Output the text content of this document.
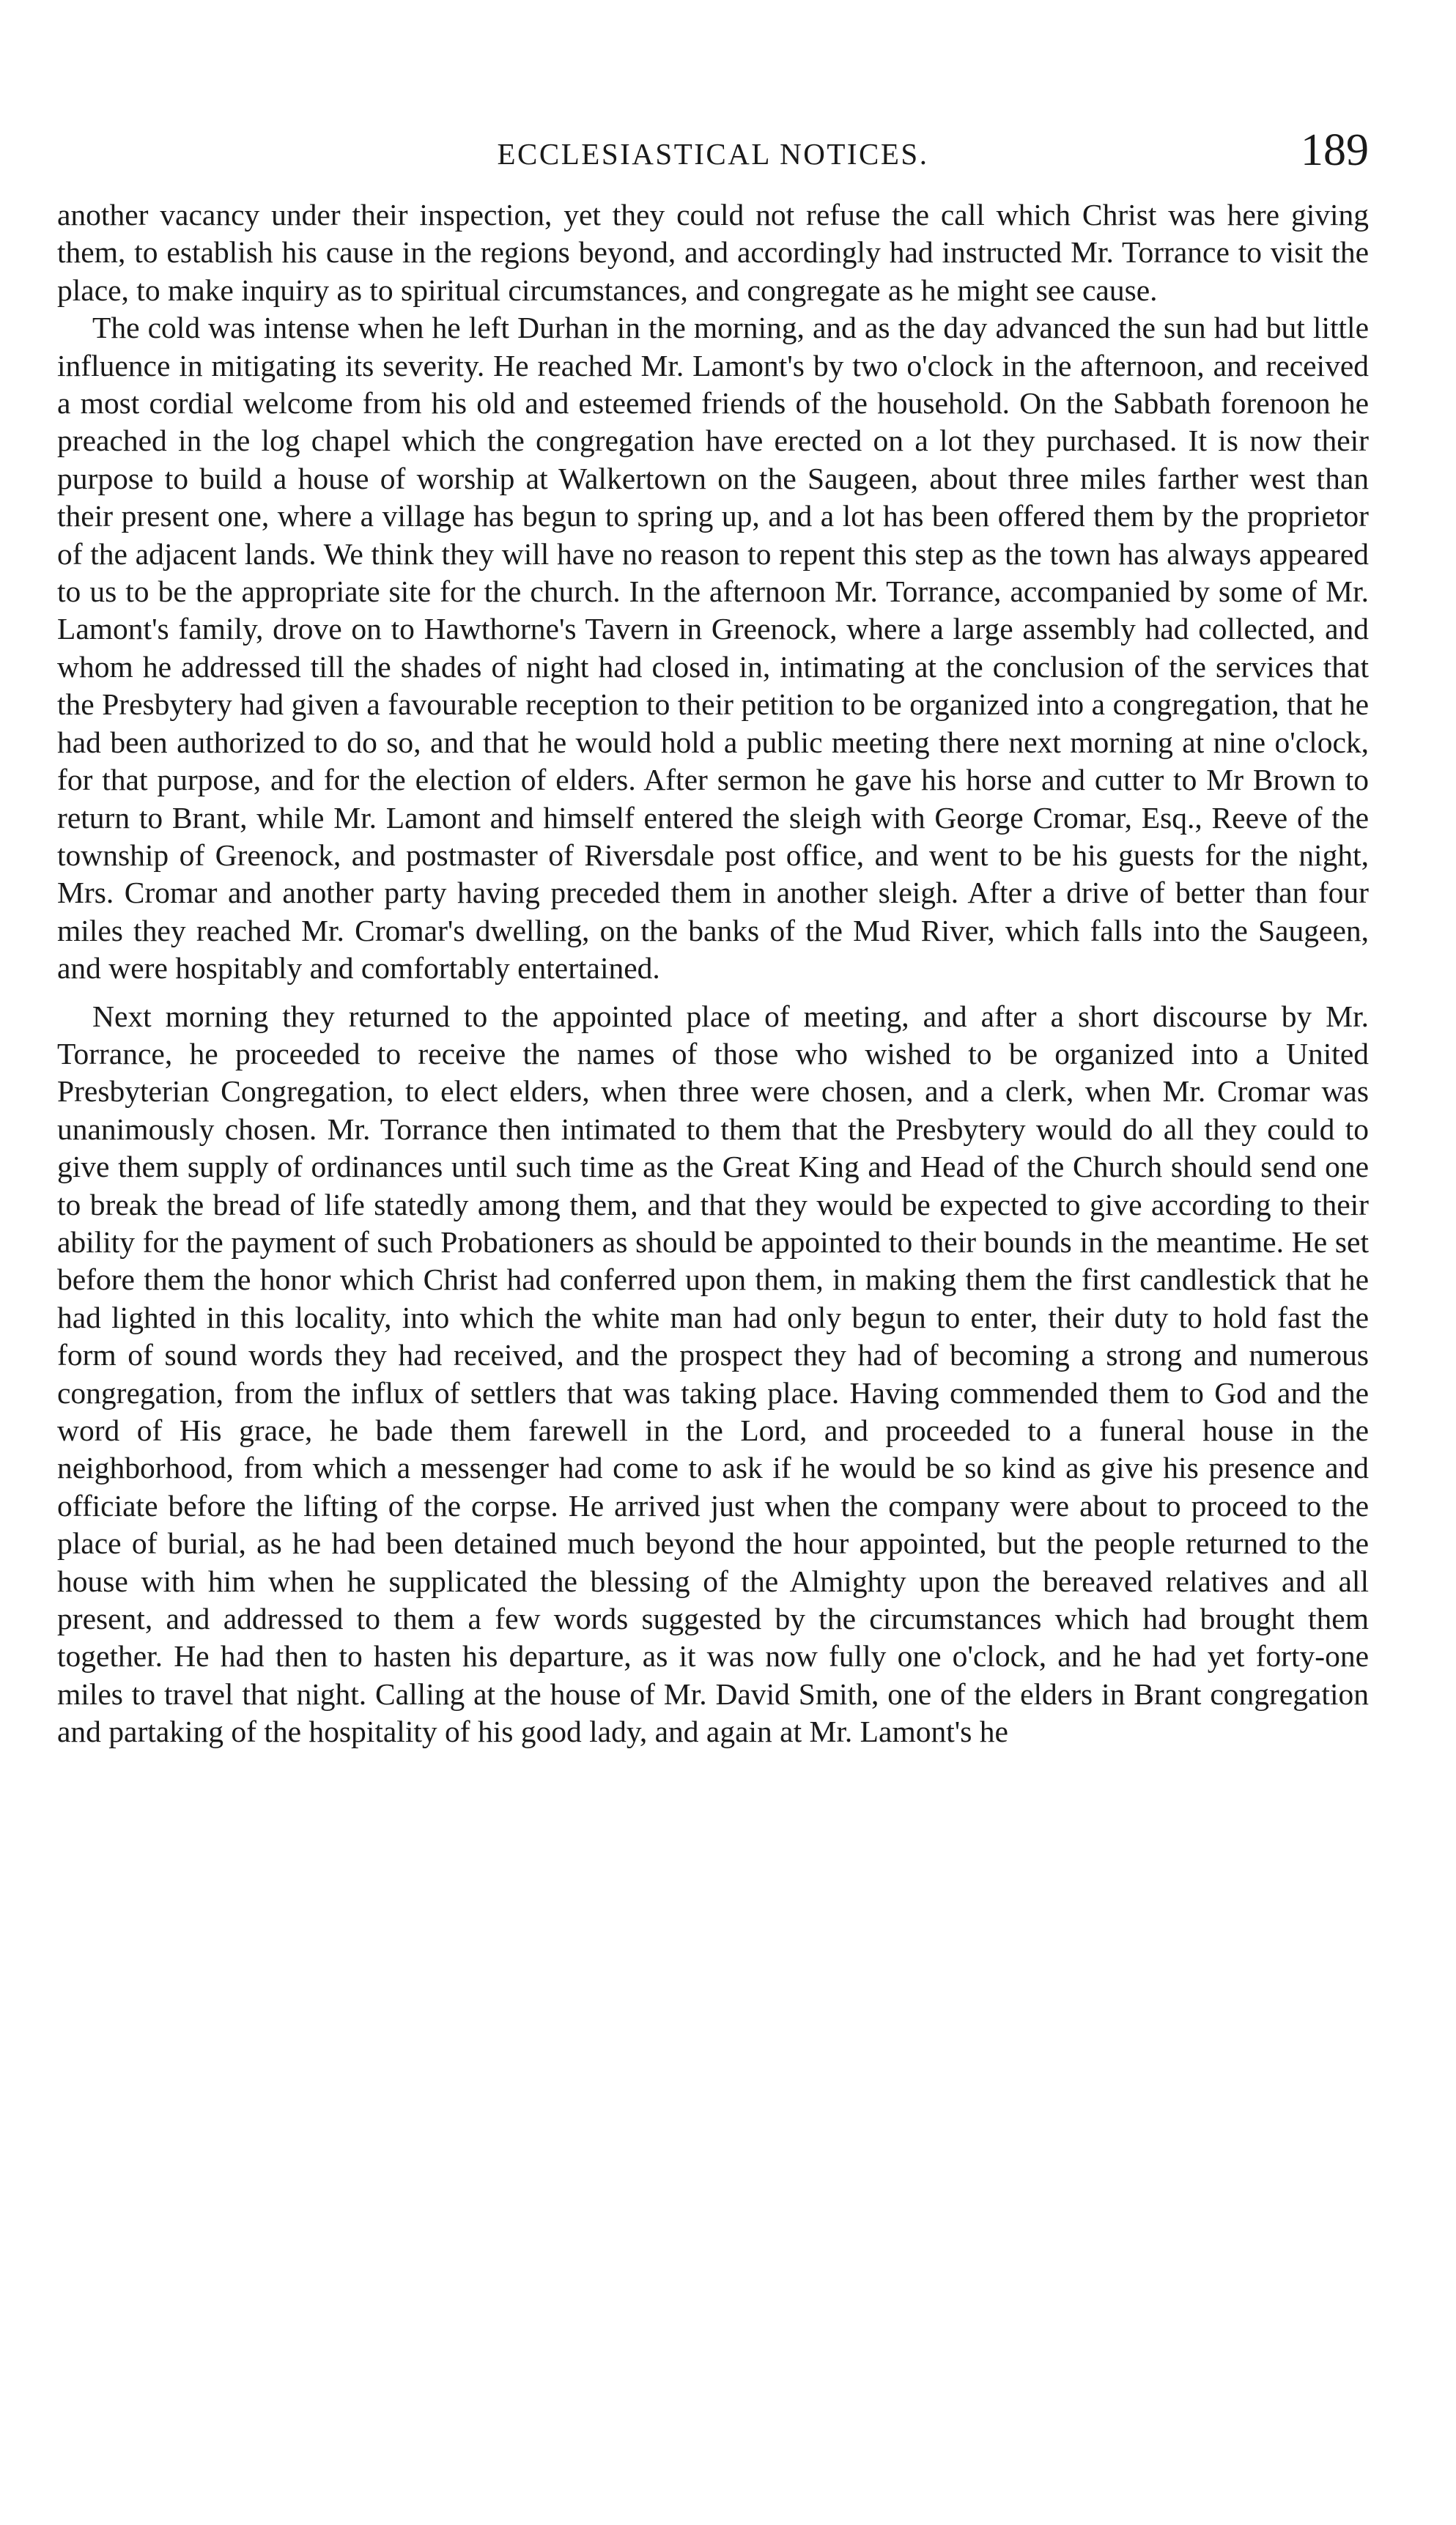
ECCLESIASTICAL NOTICES.	189

another vacancy under their inspection, yet they could not refuse the call which Christ was here giving them, to establish his cause in the regions beyond, and accordingly had instructed Mr. Torrance to visit the place, to make inquiry as to spiritual circumstances, and congregate as he might see cause.

The cold was intense when he left Durhan in the morning, and as the day advanced the sun had but little influence in mitigating its severity. He reached Mr. Lamont's by two o'clock in the afternoon, and received a most cordial welcome from his old and esteemed friends of the household. On the Sabbath forenoon he preached in the log chapel which the congregation have erected on a lot they purchased. It is now their purpose to build a house of worship at Walkertown on the Saugeen, about three miles farther west than their present one, where a village has begun to spring up, and a lot has been offered them by the proprietor of the adjacent lands. We think they will have no reason to repent this step as the town has always appeared to us to be the appropriate site for the church. In the afternoon Mr. Torrance, accompanied by some of Mr. Lamont's family, drove on to Hawthorne's Tavern in Greenock, where a large assembly had collected, and whom he addressed till the shades of night had closed in, intimating at the conclusion of the services that the Presbytery had given a favourable reception to their petition to be organized into a congregation, that he had been authorized to do so, and that he would hold a public meeting there next morning at nine o'clock, for that purpose, and for the election of elders. After sermon he gave his horse and cutter to Mr Brown to return to Brant, while Mr. Lamont and himself entered the sleigh with George Cromar, Esq., Reeve of the township of Greenock, and postmaster of Riversdale post office, and went to be his guests for the night, Mrs. Cromar and another party having preceded them in another sleigh. After a drive of better than four miles they reached Mr. Cromar's dwelling, on the banks of the Mud River, which falls into the Saugeen, and were hospitably and comfortably entertained.

Next morning they returned to the appointed place of meeting, and after a short discourse by Mr. Torrance, he proceeded to receive the names of those who wished to be organized into a United Presbyterian Congregation, to elect elders, when three were chosen, and a clerk, when Mr. Cromar was unanimously chosen. Mr. Torrance then intimated to them that the Presbytery would do all they could to give them supply of ordinances until such time as the Great King and Head of the Church should send one to break the bread of life statedly among them, and that they would be expected to give according to their ability for the payment of such Probationers as should be appointed to their bounds in the meantime. He set before them the honor which Christ had conferred upon them, in making them the first candlestick that he had lighted in this locality, into which the white man had only begun to enter, their duty to hold fast the form of sound words they had received, and the prospect they had of becoming a strong and numerous congregation, from the influx of settlers that was taking place. Having commended them to God and the word of His grace, he bade them farewell in the Lord, and proceeded to a funeral house in the neighborhood, from which a messenger had come to ask if he would be so kind as give his presence and officiate before the lifting of the corpse. He arrived just when the company were about to proceed to the place of burial, as he had been detained much beyond the hour appointed, but the people returned to the house with him when he supplicated the blessing of the Almighty upon the bereaved relatives and all present, and addressed to them a few words suggested by the circumstances which had brought them together. He had then to hasten his departure, as it was now fully one o'clock, and he had yet forty-one miles to travel that night. Calling at the house of Mr. David Smith, one of the elders in Brant congregation and partaking of the hospitality of his good lady, and again at Mr. Lamont's he
